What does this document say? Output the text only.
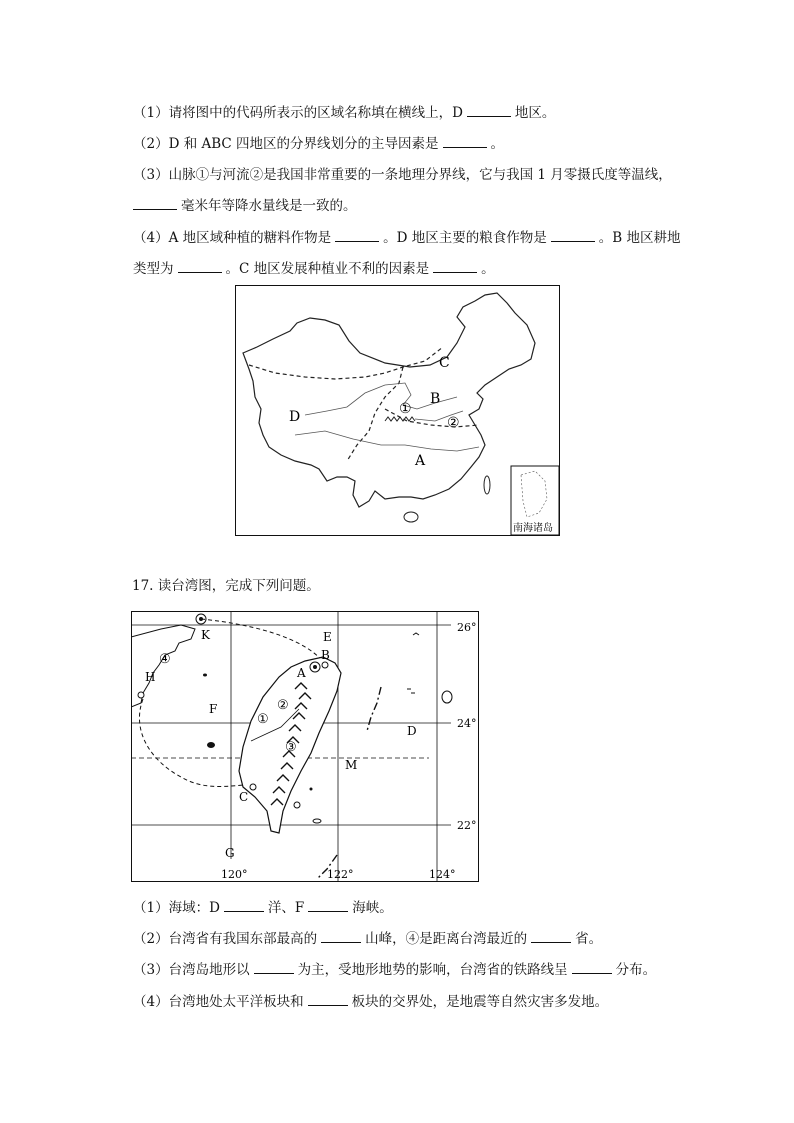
（1）请将图中的代码所表示的区域名称填在横线上，D	地区。
（2）D 和 ABC 四地区的分界线划分的主导因素是	。
（3）山脉①与河流②是我国非常重要的一条地理分界线，它与我国 1 月零摄氏度等温线，
毫米年等降水量线是一致的。
（4）A 地区域种植的糖料作物是	。D 地区主要的粮食作物是	。B 地区耕地
类型为	。C 地区发展种植业不利的因素是	。
C
B
D
A
①
②
南海诸岛
17. 读台湾图，完成下列问题。
K
④
H
F
E
B
A
②
①
③
D
M
C
G
26°
24°
22°
120°	122°	124°
（1）海域：D	洋、F	海峡。
（2）台湾省有我国东部最高的	山峰，④是距离台湾最近的	省。
（3）台湾岛地形以	为主，受地形地势的影响，台湾省的铁路线呈	分布。
（4）台湾地处太平洋板块和	板块的交界处，是地震等自然灾害多发地。
